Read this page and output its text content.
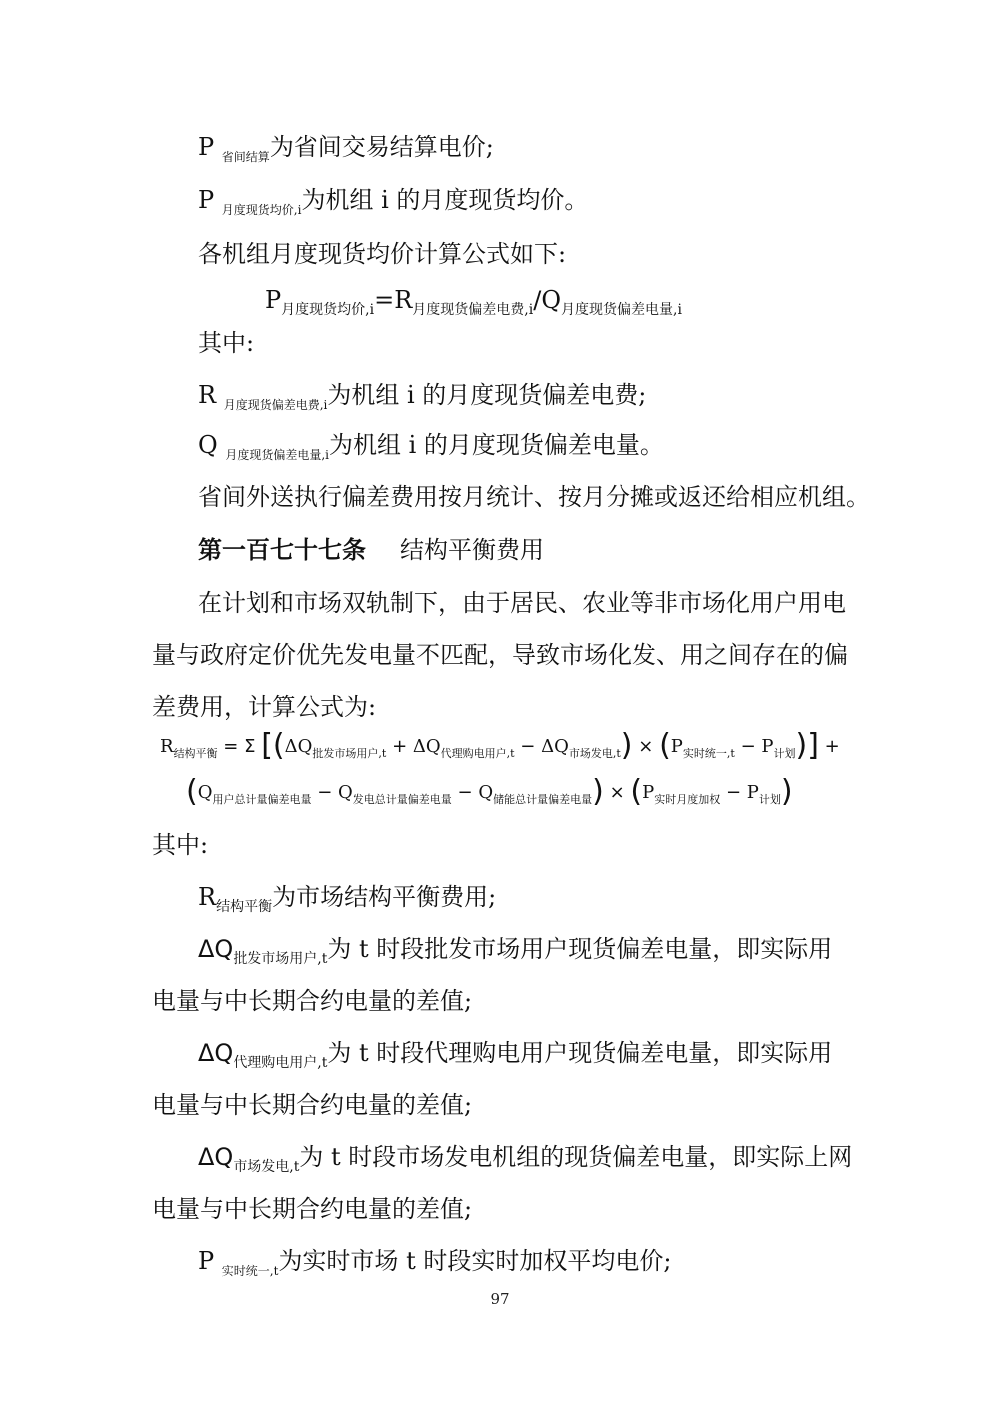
P $_{省间结算}$为省间交易结算电价;
P $_{月度现货均价,i}$为机组 i 的月度现货均价。
各机组月度现货均价计算公式如下:
$P_{月度现货均价,i}=R_{月度现货偏差电费,i}/Q_{月度现货偏差电量,i}$
其中:
R $_{月度现货偏差电费,i}$为机组 i 的月度现货偏差电费;
Q $_{月度现货偏差电量,i}$为机组 i 的月度现货偏差电量。
省间外送执行偏差费用按月统计、按月分摊或返还给相应机组。
第一百七十七条 结构平衡费用
在计划和市场双轨制下，由于居民、农业等非市场化用户用电
量与政府定价优先发电量不匹配，导致市场化发、用之间存在的偏
差费用，计算公式为:
$R_{结构平衡} = \Sigma$ $[(\Delta Q_{批发市场用户,t} + \Delta Q_{代理购电用户,t} - \Delta Q_{市场发电,t}) \times (P_{实时统一,t} - P_{计划})]$ +
$(Q_{用户总计量偏差电量} - Q_{发电总计量偏差电量} - Q_{储能总计量偏差电量}) \times (P_{实时月度加权} - P_{计划})$
其中:
$R_{结构平衡}$为市场结构平衡费用;
$\Delta Q_{批发市场用户,t}$为 t 时段批发市场用户现货偏差电量，即实际用
电量与中长期合约电量的差值;
$\Delta Q_{代理购电用户,t}$为 t 时段代理购电用户现货偏差电量，即实际用
电量与中长期合约电量的差值;
$\Delta Q_{市场发电,t}$为 t 时段市场发电机组的现货偏差电量，即实际上网
电量与中长期合约电量的差值;
P $_{实时统一,t}$为实时市场 t 时段实时加权平均电价;
97
